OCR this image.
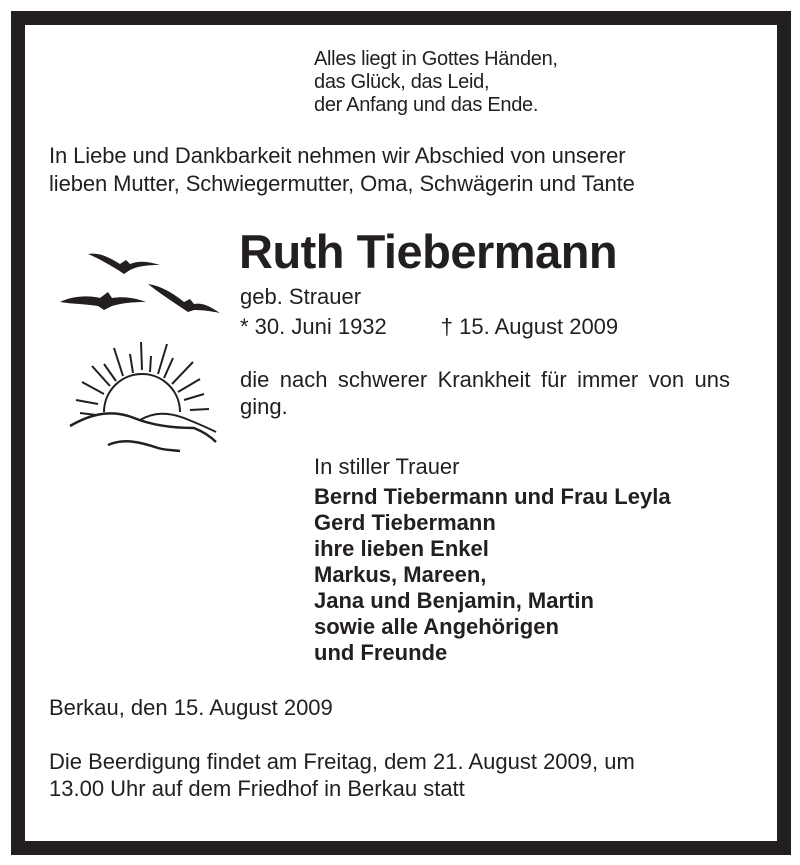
Alles liegt in Gottes Händen,
das Glück, das Leid,
der Anfang und das Ende.
In Liebe und Dankbarkeit nehmen wir Abschied von unserer
lieben Mutter, Schwiegermutter, Oma, Schwägerin und Tante
Ruth Tiebermann
geb. Strauer
* 30. Juni 1932 † 15. August 2009
die nach schwerer Krankheit für immer von uns ging.
In stiller Trauer
Bernd Tiebermann und Frau Leyla
Gerd Tiebermann
ihre lieben Enkel
Markus, Mareen,
Jana und Benjamin, Martin
sowie alle Angehörigen
und Freunde
Berkau, den 15. August 2009
Die Beerdigung findet am Freitag, dem 21. August 2009, um
13.00 Uhr auf dem Friedhof in Berkau statt
